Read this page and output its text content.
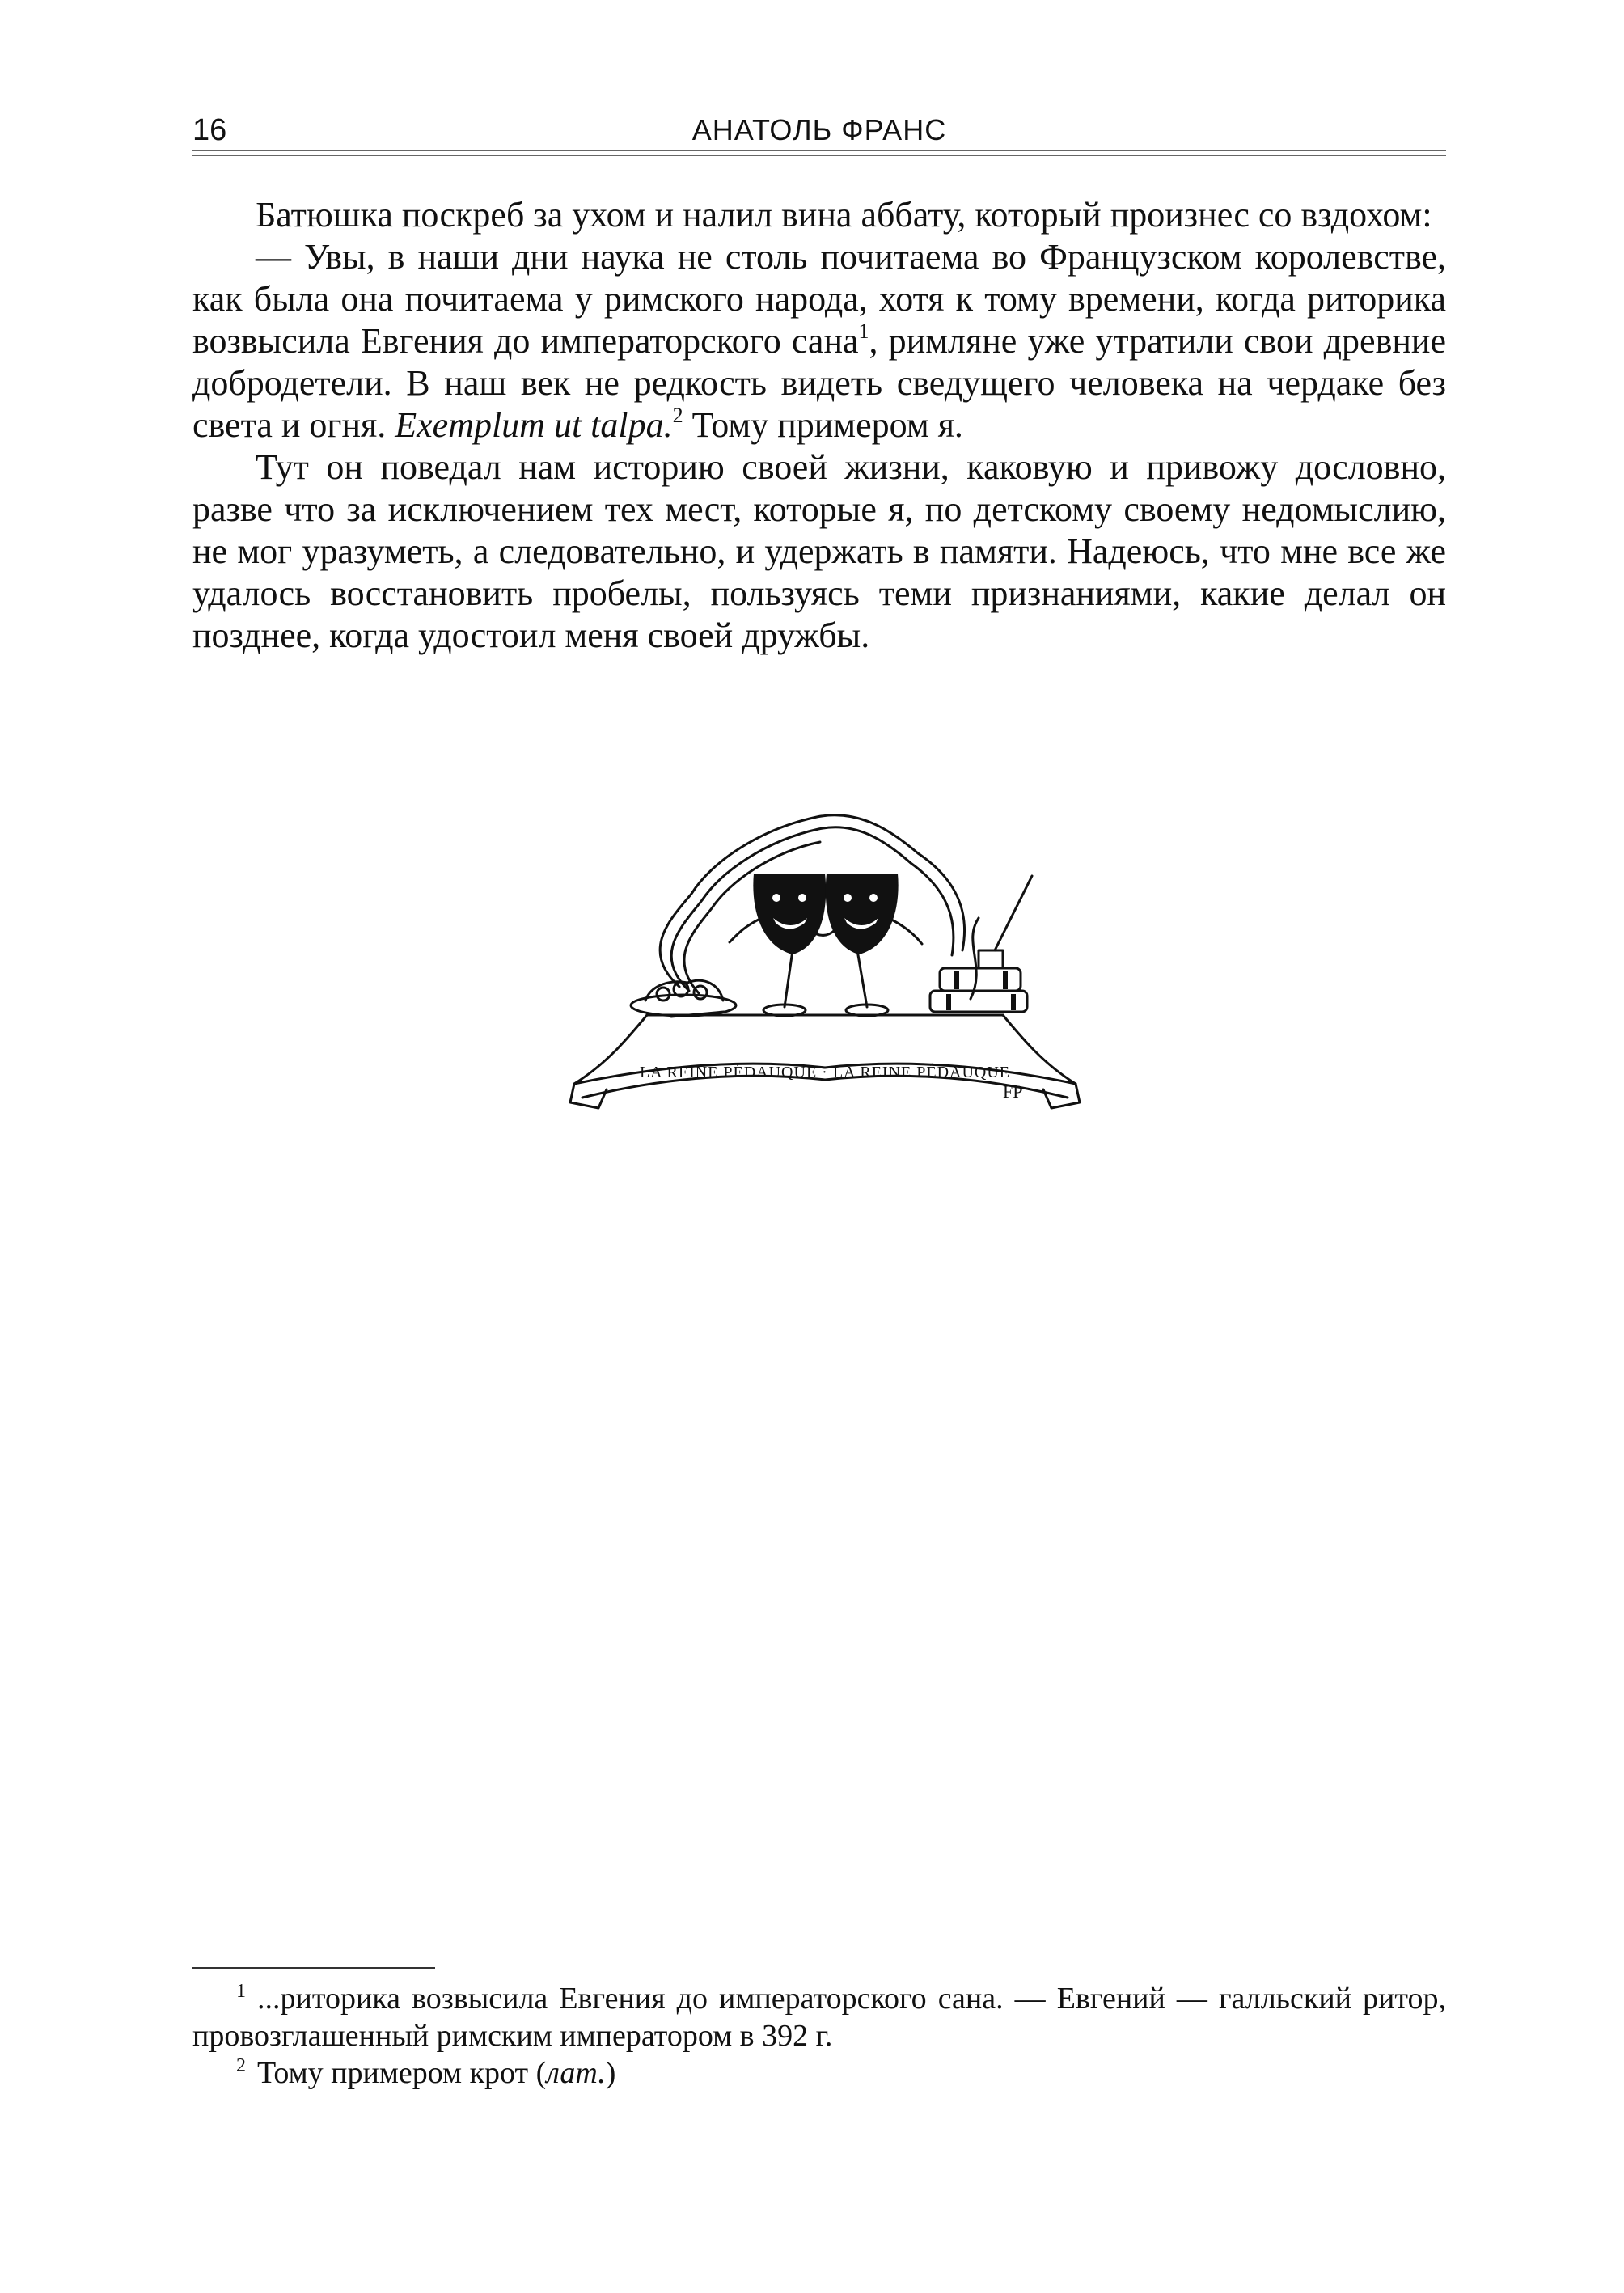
16	АНАТОЛЬ ФРАНС

Батюшка поскреб за ухом и налил вина аббату, который произнес со вздохом:

— Увы, в наши дни наука не столь почитаема во Французском королевстве, как была она почитаема у римского народа, хотя к тому времени, когда риторика возвысила Евгения до императорского сана$^1$, римляне уже утратили свои древние добродетели. В наш век не редкость видеть сведущего человека на чердаке без света и огня. Exemplum ut talpa.$^2$ Тому примером я.

Тут он поведал нам историю своей жизни, каковую и привожу дословно, разве что за исключением тех мест, которые я, по детскому своему недомыслию, не мог уразуметь, а следовательно, и удержать в памяти. Надеюсь, что мне все же удалось восстановить пробелы, пользуясь теми признаниями, какие делал он позднее, когда удостоил меня своей дружбы.

LA REINE PÉDAUQUE · LA REINE PÉDAUQUE
FP

1 ...риторика возвысила Евгения до императорского сана. — Евгений — галльский ритор, провозглашенный римским императором в 392 г.

2 Тому примером крот (лат.)
